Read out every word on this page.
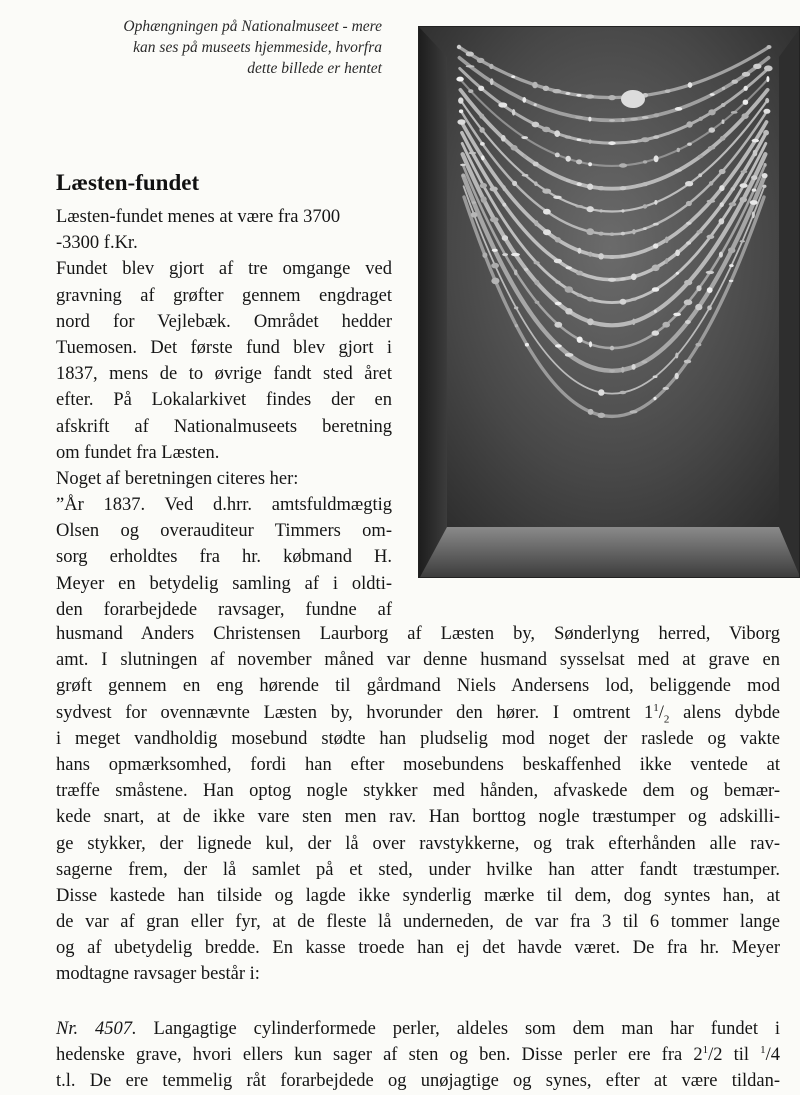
Ophængningen på Nationalmuseet - mere
kan ses på museets hjemmeside, hvorfra
dette billede er hentet
Læsten-fundet
Læsten-fundet menes at være fra 3700
-3300 f.Kr.
Fundet blev gjort af tre omgange ved
gravning af grøfter gennem engdraget
nord for Vejlebæk. Området hedder
Tuemosen. Det første fund blev gjort i
1837, mens de to øvrige fandt sted året
efter. På Lokalarkivet findes der en
afskrift af Nationalmuseets beretning
om fundet fra Læsten.
Noget af beretningen citeres her:
”År 1837. Ved d.hrr. amtsfuldmægtig
Olsen og overauditeur Timmers om-
sorg erholdtes fra hr. købmand H.
Meyer en betydelig samling af i oldti-
den forarbejdede ravsager, fundne af
husmand Anders Christensen Laurborg af Læsten by, Sønderlyng herred, Viborg
amt. I slutningen af november måned var denne husmand sysselsat med at grave en
grøft gennem en eng hørende til gårdmand Niels Andersens lod, beliggende mod
sydvest for ovennævnte Læsten by, hvorunder den hører. I omtrent $1^1/_2$ alens dybde
i meget vandholdig mosebund stødte han pludselig mod noget der raslede og vakte
hans opmærksomhed, fordi han efter mosebundens beskaffenhed ikke ventede at
træffe småstene. Han optog nogle stykker med hånden, afvaskede dem og bemær-
kede snart, at de ikke vare sten men rav. Han borttog nogle træstumper og adskilli-
ge stykker, der lignede kul, der lå over ravstykkerne, og trak efterhånden alle rav-
sagerne frem, der lå samlet på et sted, under hvilke han atter fandt træstumper.
Disse kastede han tilside og lagde ikke synderlig mærke til dem, dog syntes han, at
de var af gran eller fyr, at de fleste lå underneden, de var fra 3 til 6 tommer lange
og af ubetydelig bredde. En kasse troede han ej det havde været. De fra hr. Meyer
modtagne ravsager består i:
Nr. 4507. Langagtige cylinderformede perler, aldeles som dem man har fundet i
hedenske grave, hvori ellers kun sager af sten og ben. Disse perler ere fra $2^1/2$ til $^1$/4
t.l. De ere temmelig råt forarbejdede og unøjagtige og synes, efter at være tildan-
